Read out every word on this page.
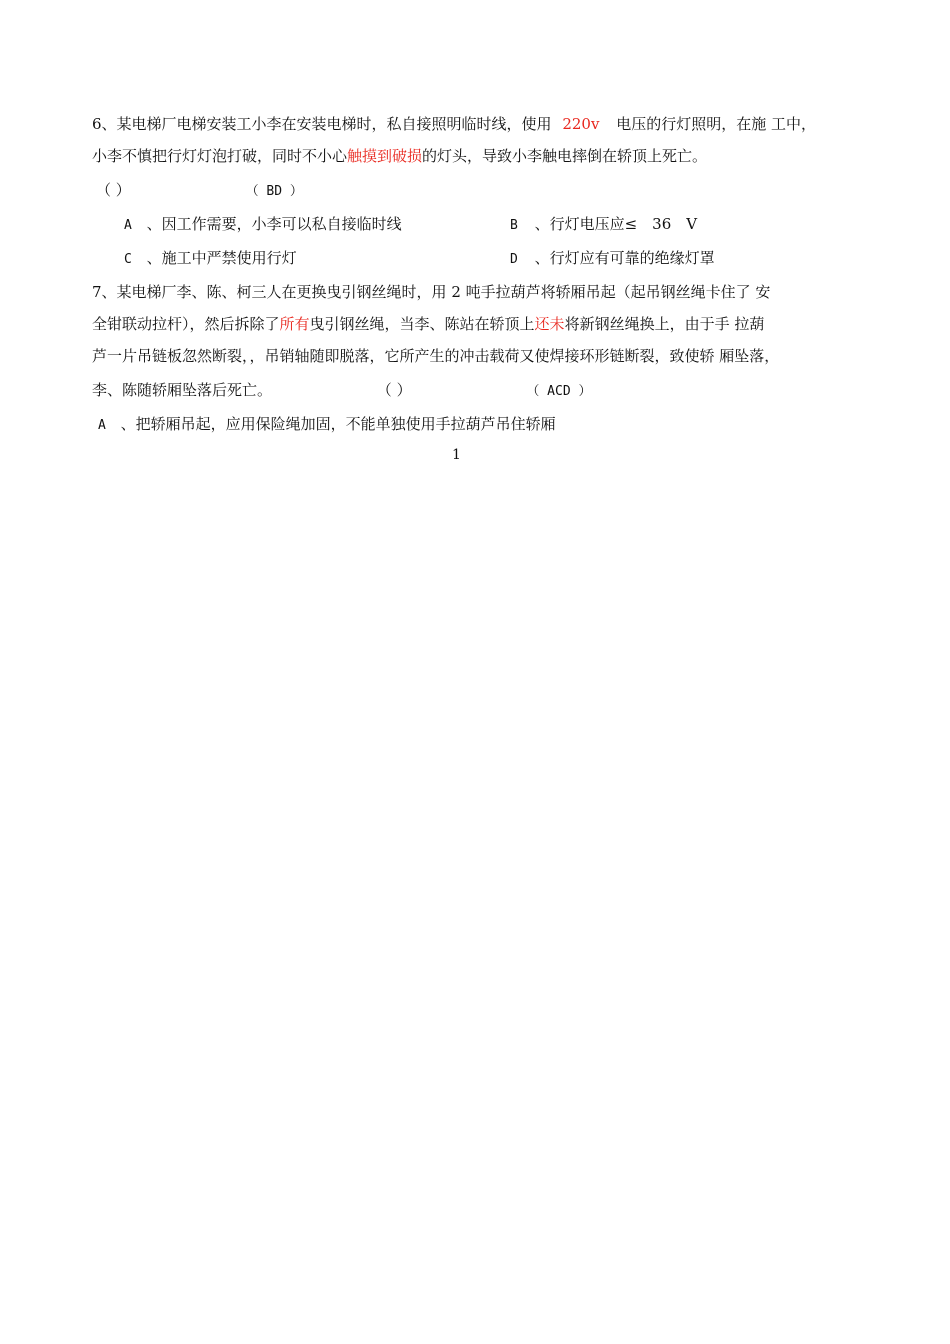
6、某电梯厂电梯安装工小李在安装电梯时，私自接照明临时线，使用 220v 电压的行灯照明，在施 工中，
小李不慎把行灯灯泡打破，同时不小心触摸到破损的灯头，导致小李触电摔倒在轿顶上死亡。
（ ）	（ BD ）
A 、因工作需要，小李可以私自接临时线	B 、行灯电压应≤　36　V
C 、施工中严禁使用行灯	D 、行灯应有可靠的绝缘灯罩
7、某电梯厂李、陈、柯三人在更换曳引钢丝绳时，用 2 吨手拉葫芦将轿厢吊起（起吊钢丝绳卡住了 安
全钳联动拉杆），然后拆除了所有曳引钢丝绳，当李、陈站在轿顶上还未将新钢丝绳换上，由于手 拉葫
芦一片吊链板忽然断裂，，吊销轴随即脱落，它所产生的冲击载荷又使焊接环形链断裂，致使轿 厢坠落，
李、陈随轿厢坠落后死亡。	（ ）	（ ACD ）
A 、把轿厢吊起，应用保险绳加固，不能单独使用手拉葫芦吊住轿厢
1
